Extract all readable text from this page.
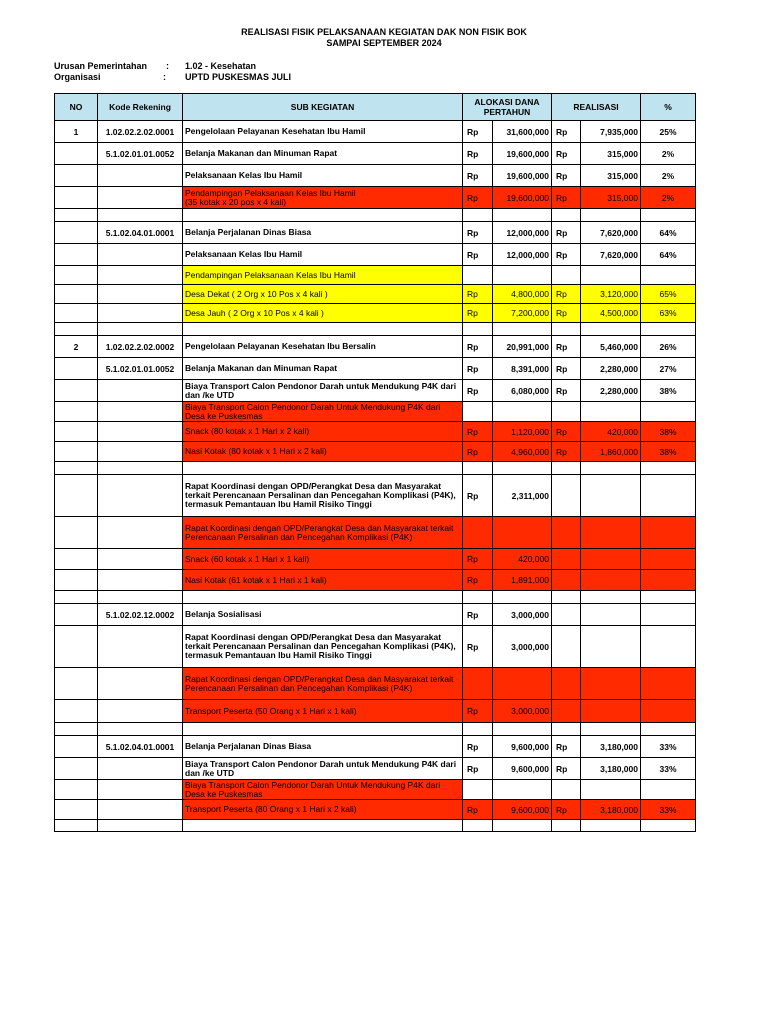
REALISASI FISIK PELAKSANAAN KEGIATAN DAK NON FISIK BOK
SAMPAI SEPTEMBER 2024
Urusan Pemerintahan : 1.02 - Kesehatan
Organisasi	: UPTD PUSKESMAS JULI
NO	Kode Rekening	SUB KEGIATAN	ALOKASI DANA PERTAHUN		REALISASI		%
1	1.02.02.2.02.0001	Pengelolaan Pelayanan Kesehatan Ibu Hamil	Rp	31,600,000	Rp	7,935,000	25%
	5.1.02.01.01.0052	Belanja Makanan dan Minuman Rapat	Rp	19,600,000	Rp	315,000	2%
		Pelaksanaan Kelas Ibu Hamil	Rp	19,600,000	Rp	315,000	2%
		Pendampingan Pelaksanaan Kelas Ibu Hamil
(35 kotak x 20 pos x 4 kali)	Rp	19,600,000	Rp	315,000	2%

	5.1.02.04.01.0001	Belanja Perjalanan Dinas Biasa	Rp	12,000,000	Rp	7,620,000	64%
		Pelaksanaan Kelas Ibu Hamil	Rp	12,000,000	Rp	7,620,000	64%
		Pendampingan Pelaksanaan Kelas Ibu Hamil					
		Desa Dekat ( 2 Org x 10 Pos x 4 kali )	Rp	4,800,000	Rp	3,120,000	65%
		Desa Jauh ( 2 Org x 10 Pos x 4 kali )	Rp	7,200,000	Rp	4,500,000	63%

2	1.02.02.2.02.0002	Pengelolaan Pelayanan Kesehatan Ibu Bersalin	Rp	20,991,000	Rp	5,460,000	26%
	5.1.02.01.01.0052	Belanja Makanan dan Minuman Rapat	Rp	8,391,000	Rp	2,280,000	27%
		Biaya Transport Calon Pendonor Darah untuk Mendukung P4K dari dan /ke UTD	Rp	6,080,000	Rp	2,280,000	38%
		Biaya Transport Calon Pendonor Darah Untuk Mendukung P4K dari Desa ke Puskesmas					
		Snack (80 kotak x 1 Hari x 2 kali)	Rp	1,120,000	Rp	420,000	38%
		Nasi Kotak (80 kotak x 1 Hari x 2 kali)	Rp	4,960,000	Rp	1,860,000	38%

		Rapat Koordinasi dengan OPD/Perangkat Desa dan Masyarakat terkait Perencanaan Persalinan dan Pencegahan Komplikasi (P4K), termasuk Pemantauan Ibu Hamil Risiko Tinggi	Rp	2,311,000			
		Rapat Koordinasi dengan OPD/Perangkat Desa dan Masyarakat terkait Perencanaan Persalinan dan Pencegahan Komplikasi (P4K)					
		Snack (60 kotak x 1 Hari x 1 kali)	Rp	420,000			
		Nasi Kotak (61 kotak x 1 Hari x 1 kali)	Rp	1,891,000			

	5.1.02.02.12.0002	Belanja Sosialisasi	Rp	3,000,000			
		Rapat Koordinasi dengan OPD/Perangkat Desa dan Masyarakat terkait Perencanaan Persalinan dan Pencegahan Komplikasi (P4K), termasuk Pemantauan Ibu Hamil Risiko Tinggi	Rp	3,000,000			
		Rapat Koordinasi dengan OPD/Perangkat Desa dan Masyarakat terkait Perencanaan Persalinan dan Pencegahan Komplikasi (P4K)					
		Transport Peserta (50 Orang x 1 Hari x 1 kali)	Rp	3,000,000			

	5.1.02.04.01.0001	Belanja Perjalanan Dinas Biasa	Rp	9,600,000	Rp	3,180,000	33%
		Biaya Transport Calon Pendonor Darah untuk Mendukung P4K dari dan /ke UTD	Rp	9,600,000	Rp	3,180,000	33%
		Biaya Transport Calon Pendonor Darah Untuk Mendukung P4K dari Desa ke Puskesmas					
		Transport Peserta (80 Orang x 1 Hari x 2 kali)	Rp	9,600,000	Rp	3,180,000	33%
